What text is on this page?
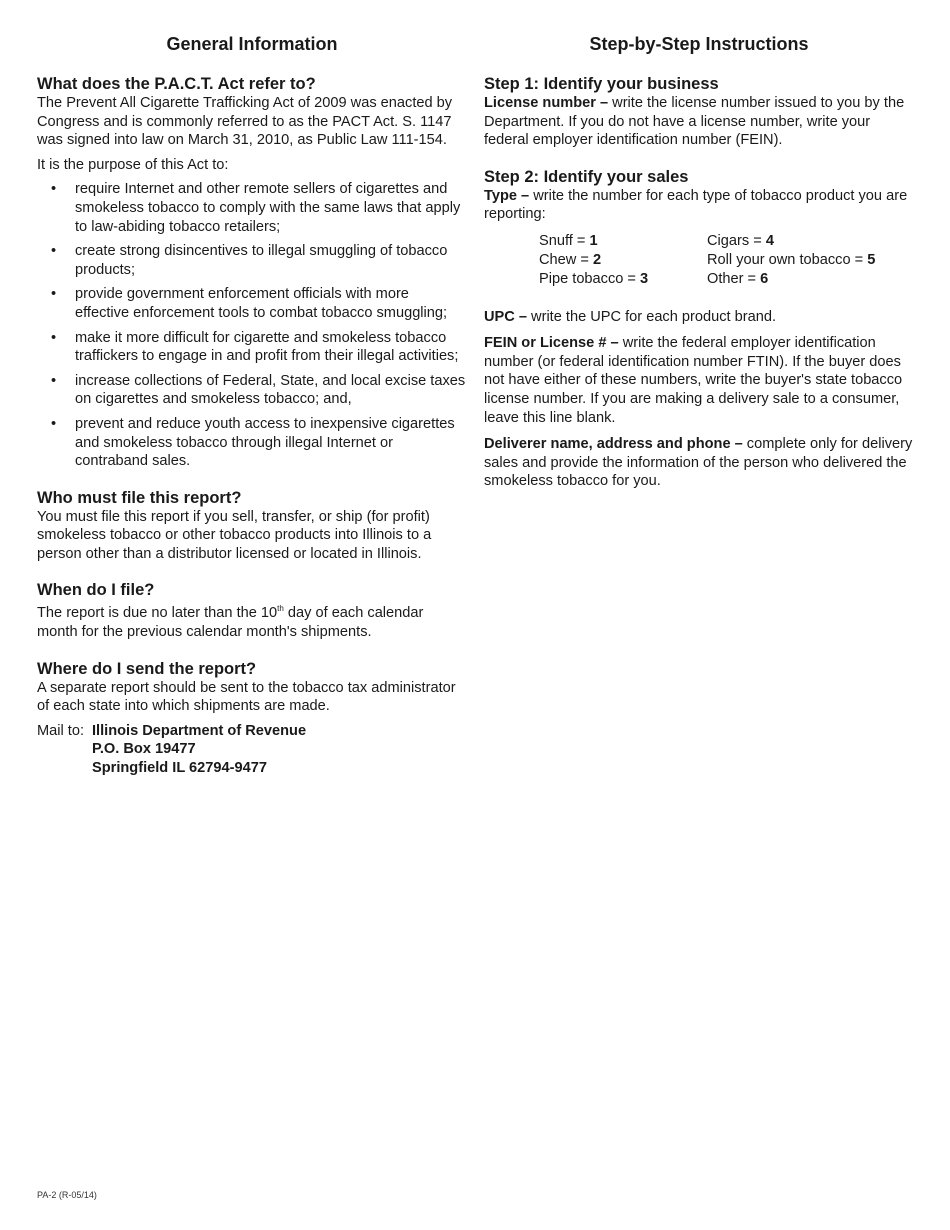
General Information
What does the P.A.C.T. Act refer to?

The Prevent All Cigarette Trafficking Act of 2009 was enacted by Congress and is commonly referred to as the PACT Act. S. 1147 was signed into law on March 31, 2010, as Public Law 111-154.

It is the purpose of this Act to:

• require Internet and other remote sellers of cigarettes and smokeless tobacco to comply with the same laws that apply to law-abiding tobacco retailers;
• create strong disincentives to illegal smuggling of tobacco products;
• provide government enforcement officials with more effective enforcement tools to combat tobacco smuggling;
• make it more difficult for cigarette and smokeless tobacco traffickers to engage in and profit from their illegal activities;
• increase collections of Federal, State, and local excise taxes on cigarettes and smokeless tobacco; and,
• prevent and reduce youth access to inexpensive cigarettes and smokeless tobacco through illegal Internet or contraband sales.
Who must file this report?

You must file this report if you sell, transfer, or ship (for profit) smokeless tobacco or other tobacco products into Illinois to a person other than a distributor licensed or located in Illinois.

When do I file?

The report is due no later than the 10th day of each calendar month for the previous calendar month's shipments.

Where do I send the report?

A separate report should be sent to the tobacco tax administrator of each state into which shipments are made.

Mail to: Illinois Department of Revenue
P.O. Box 19477
Springfield IL 62794-9477
Step-by-Step Instructions
Step 1: Identify your business

License number – write the license number issued to you by the Department. If you do not have a license number, write your federal employer identification number (FEIN).

Step 2: Identify your sales

Type – write the number for each type of tobacco product you are reporting:

Snuff = 1	Cigars = 4
Chew = 2	Roll your own tobacco = 5
Pipe tobacco = 3	Other = 6

UPC – write the UPC for each product brand.

FEIN or License # – write the federal employer identification number (or federal identification number FTIN). If the buyer does not have either of these numbers, write the buyer's state tobacco license number. If you are making a delivery sale to a consumer, leave this line blank.

Deliverer name, address and phone – complete only for delivery sales and provide the information of the person who delivered the smokeless tobacco for you.

PA-2 (R-05/14)
